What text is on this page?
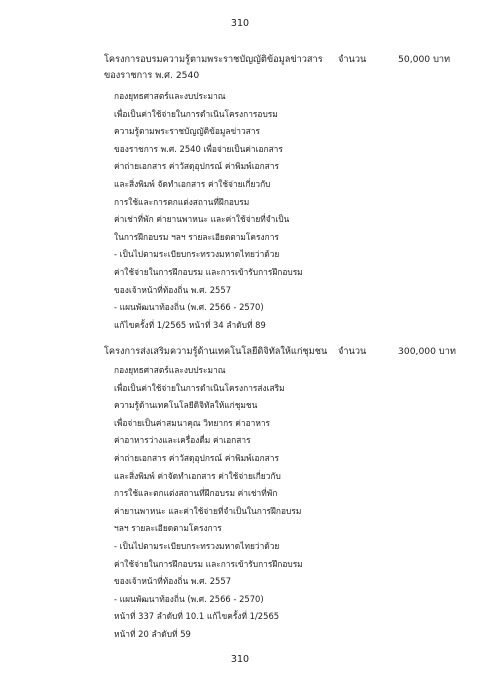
310
โครงการอบรมความรู้ตามพระราชบัญญัติข้อมูลข่าวสาร
ของราชการ พ.ศ. 2540
จำนวน	50,000 บาท
กองยุทธศาสตร์และงบประมาณ
เพื่อเป็นค่าใช้จ่ายในการดำเนินโครงการอบรม
ความรู้ตามพระราชบัญญัติข้อมูลข่าวสาร
ของราชการ พ.ศ. 2540 เพื่อจ่ายเป็นค่าเอกสาร
ค่าถ่ายเอกสาร ค่าวัสดุอุปกรณ์ ค่าพิมพ์เอกสาร
และสิ่งพิมพ์ จัดทำเอกสาร ค่าใช้จ่ายเกี่ยวกับ
การใช้และการตกแต่งสถานที่ฝึกอบรม
ค่าเช่าที่พัก ค่ายานพาหนะ และค่าใช้จ่ายที่จำเป็น
ในการฝึกอบรม ฯลฯ รายละเอียดตามโครงการ
- เป็นไปตามระเบียบกระทรวงมหาดไทยว่าด้วย
ค่าใช้จ่ายในการฝึกอบรม และการเข้ารับการฝึกอบรม
ของเจ้าหน้าที่ท้องถิ่น พ.ศ. 2557
- แผนพัฒนาท้องถิ่น (พ.ศ. 2566 - 2570)
แก้ไขครั้งที่ 1/2565 หน้าที่ 34 ลำดับที่ 89
โครงการส่งเสริมความรู้ด้านเทคโนโลยีดิจิทัลให้แก่ชุมชน	จำนวน	300,000 บาท
กองยุทธศาสตร์และงบประมาณ
เพื่อเป็นค่าใช้จ่ายในการดำเนินโครงการส่งเสริม
ความรู้ด้านเทคโนโลยีดิจิทัลให้แก่ชุมชน
เพื่อจ่ายเป็นค่าสมนาคุณ วิทยากร ค่าอาหาร
ค่าอาหารว่างและเครื่องดื่ม ค่าเอกสาร
ค่าถ่ายเอกสาร ค่าวัสดุอุปกรณ์ ค่าพิมพ์เอกสาร
และสิ่งพิมพ์ ค่าจัดทำเอกสาร ค่าใช้จ่ายเกี่ยวกับ
การใช้และตกแต่งสถานที่ฝึกอบรม ค่าเช่าที่พัก
ค่ายานพาหนะ และค่าใช้จ่ายที่จำเป็นในการฝึกอบรม
ฯลฯ รายละเอียดตามโครงการ
- เป็นไปตามระเบียบกระทรวงมหาดไทยว่าด้วย
ค่าใช้จ่ายในการฝึกอบรม และการเข้ารับการฝึกอบรม
ของเจ้าหน้าที่ท้องถิ่น พ.ศ. 2557
- แผนพัฒนาท้องถิ่น (พ.ศ. 2566 - 2570)
หน้าที่ 337 ลำดับที่ 10.1 แก้ไขครั้งที่ 1/2565
หน้าที่ 20 ลำดับที่ 59
310
